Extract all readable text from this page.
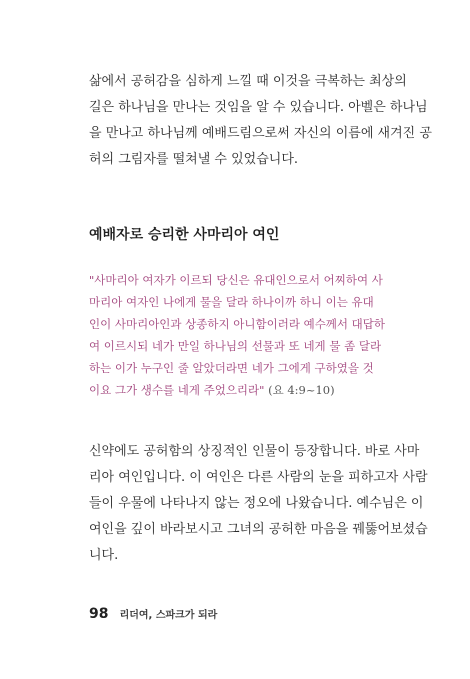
삶에서 공허감을 심하게 느낄 때 이것을 극복하는 최상의
길은 하나님을 만나는 것임을 알 수 있습니다. 아벨은 하나님
을 만나고 하나님께 예배드림으로써 자신의 이름에 새겨진 공
허의 그림자를 떨쳐낼 수 있었습니다.

예배자로 승리한 사마리아 여인

"사마리아 여자가 이르되 당신은 유대인으로서 어찌하여 사
마리아 여자인 나에게 물을 달라 하나이까 하니 이는 유대
인이 사마리아인과 상종하지 아니함이러라 예수께서 대답하
여 이르시되 네가 만일 하나님의 선물과 또 네게 물 좀 달라
하는 이가 누구인 줄 알았더라면 네가 그에게 구하였을 것
이요 그가 생수를 네게 주었으리라" (요 4:9~10)

신약에도 공허함의 상징적인 인물이 등장합니다. 바로 사마
리아 여인입니다. 이 여인은 다른 사람의 눈을 피하고자 사람
들이 우물에 나타나지 않는 정오에 나왔습니다. 예수님은 이
여인을 깊이 바라보시고 그녀의 공허한 마음을 꿰뚫어보셨습
니다.

98 리더여, 스파크가 되라
